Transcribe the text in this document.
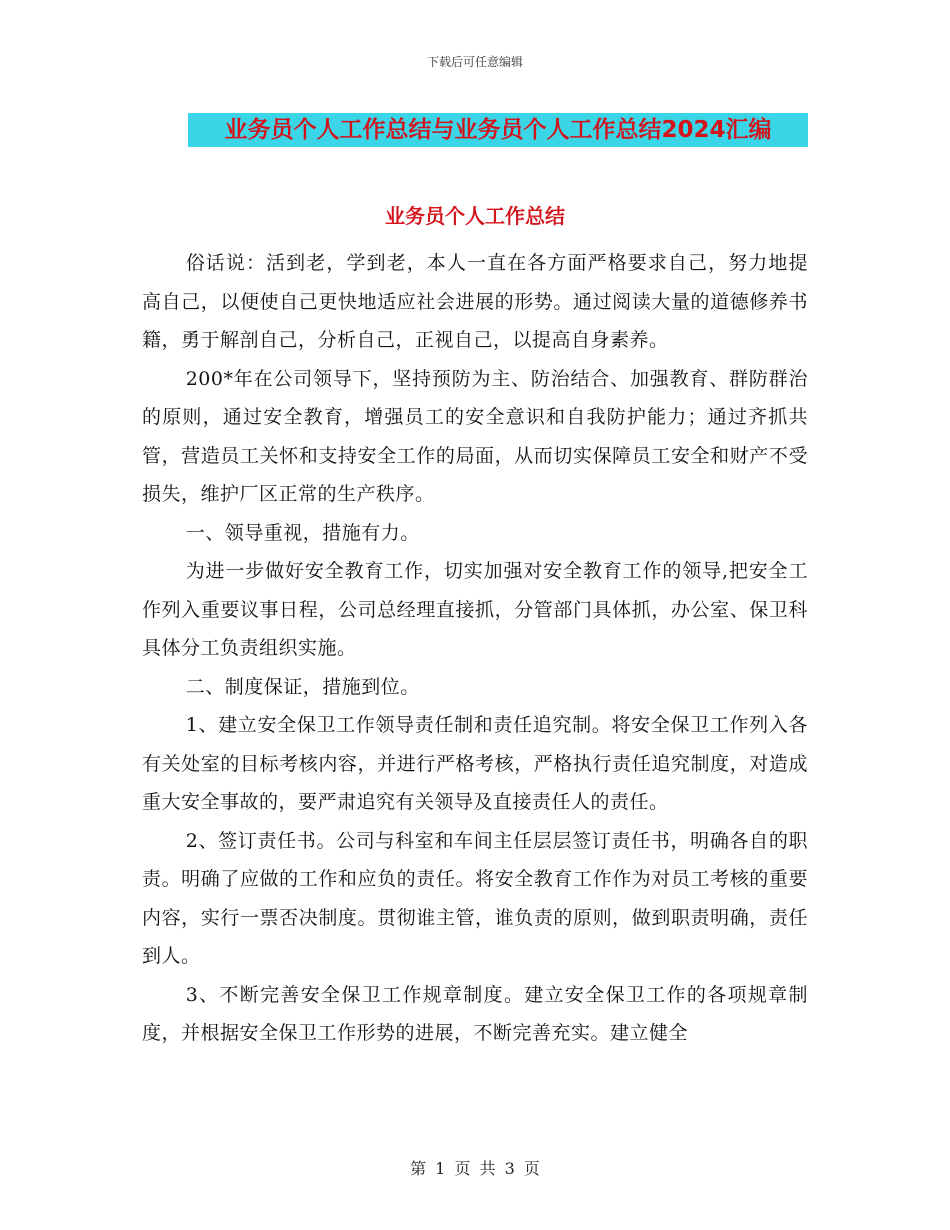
下载后可任意编辑
业务员个人工作总结与业务员个人工作总结2024汇编
业务员个人工作总结

俗话说：活到老，学到老，本人一直在各方面严格要求自己，努力地提高自己，以便使自己更快地适应社会进展的形势。通过阅读大量的道德修养书籍，勇于解剖自己，分析自己，正视自己，以提高自身素养。

200*年在公司领导下，坚持预防为主、防治结合、加强教育、群防群治的原则，通过安全教育，增强员工的安全意识和自我防护能力；通过齐抓共管，营造员工关怀和支持安全工作的局面，从而切实保障员工安全和财产不受损失，维护厂区正常的生产秩序。

一、领导重视，措施有力。

为进一步做好安全教育工作，切实加强对安全教育工作的领导,把安全工作列入重要议事日程，公司总经理直接抓，分管部门具体抓，办公室、保卫科具体分工负责组织实施。

二、制度保证，措施到位。

1、建立安全保卫工作领导责任制和责任追究制。将安全保卫工作列入各有关处室的目标考核内容，并进行严格考核，严格执行责任追究制度，对造成重大安全事故的，要严肃追究有关领导及直接责任人的责任。

2、签订责任书。公司与科室和车间主任层层签订责任书，明确各自的职责。明确了应做的工作和应负的责任。将安全教育工作作为对员工考核的重要内容，实行一票否决制度。贯彻谁主管，谁负责的原则，做到职责明确，责任到人。

3、不断完善安全保卫工作规章制度。建立安全保卫工作的各项规章制度，并根据安全保卫工作形势的进展，不断完善充实。建立健全

第 1 页 共 3 页
